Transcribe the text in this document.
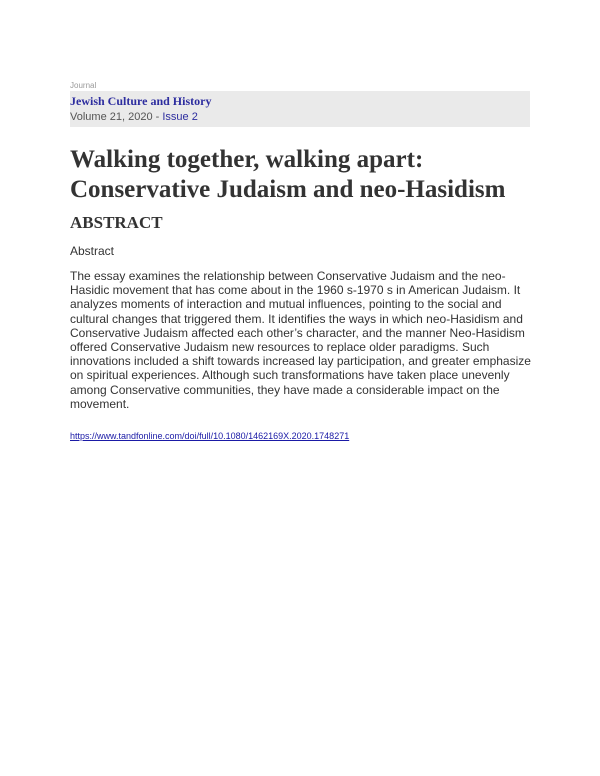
Journal
Jewish Culture and History
Volume 21, 2020 - Issue 2
Walking together, walking apart: Conservative Judaism and neo-Hasidism
ABSTRACT
Abstract

The essay examines the relationship between Conservative Judaism and the neo-Hasidic movement that has come about in the 1960 s-1970 s in American Judaism. It analyzes moments of interaction and mutual influences, pointing to the social and cultural changes that triggered them. It identifies the ways in which neo-Hasidism and Conservative Judaism affected each other’s character, and the manner Neo-Hasidism offered Conservative Judaism new resources to replace older paradigms. Such innovations included a shift towards increased lay participation, and greater emphasize on spiritual experiences. Although such transformations have taken place unevenly among Conservative communities, they have made a considerable impact on the movement.

https://www.tandfonline.com/doi/full/10.1080/1462169X.2020.1748271
